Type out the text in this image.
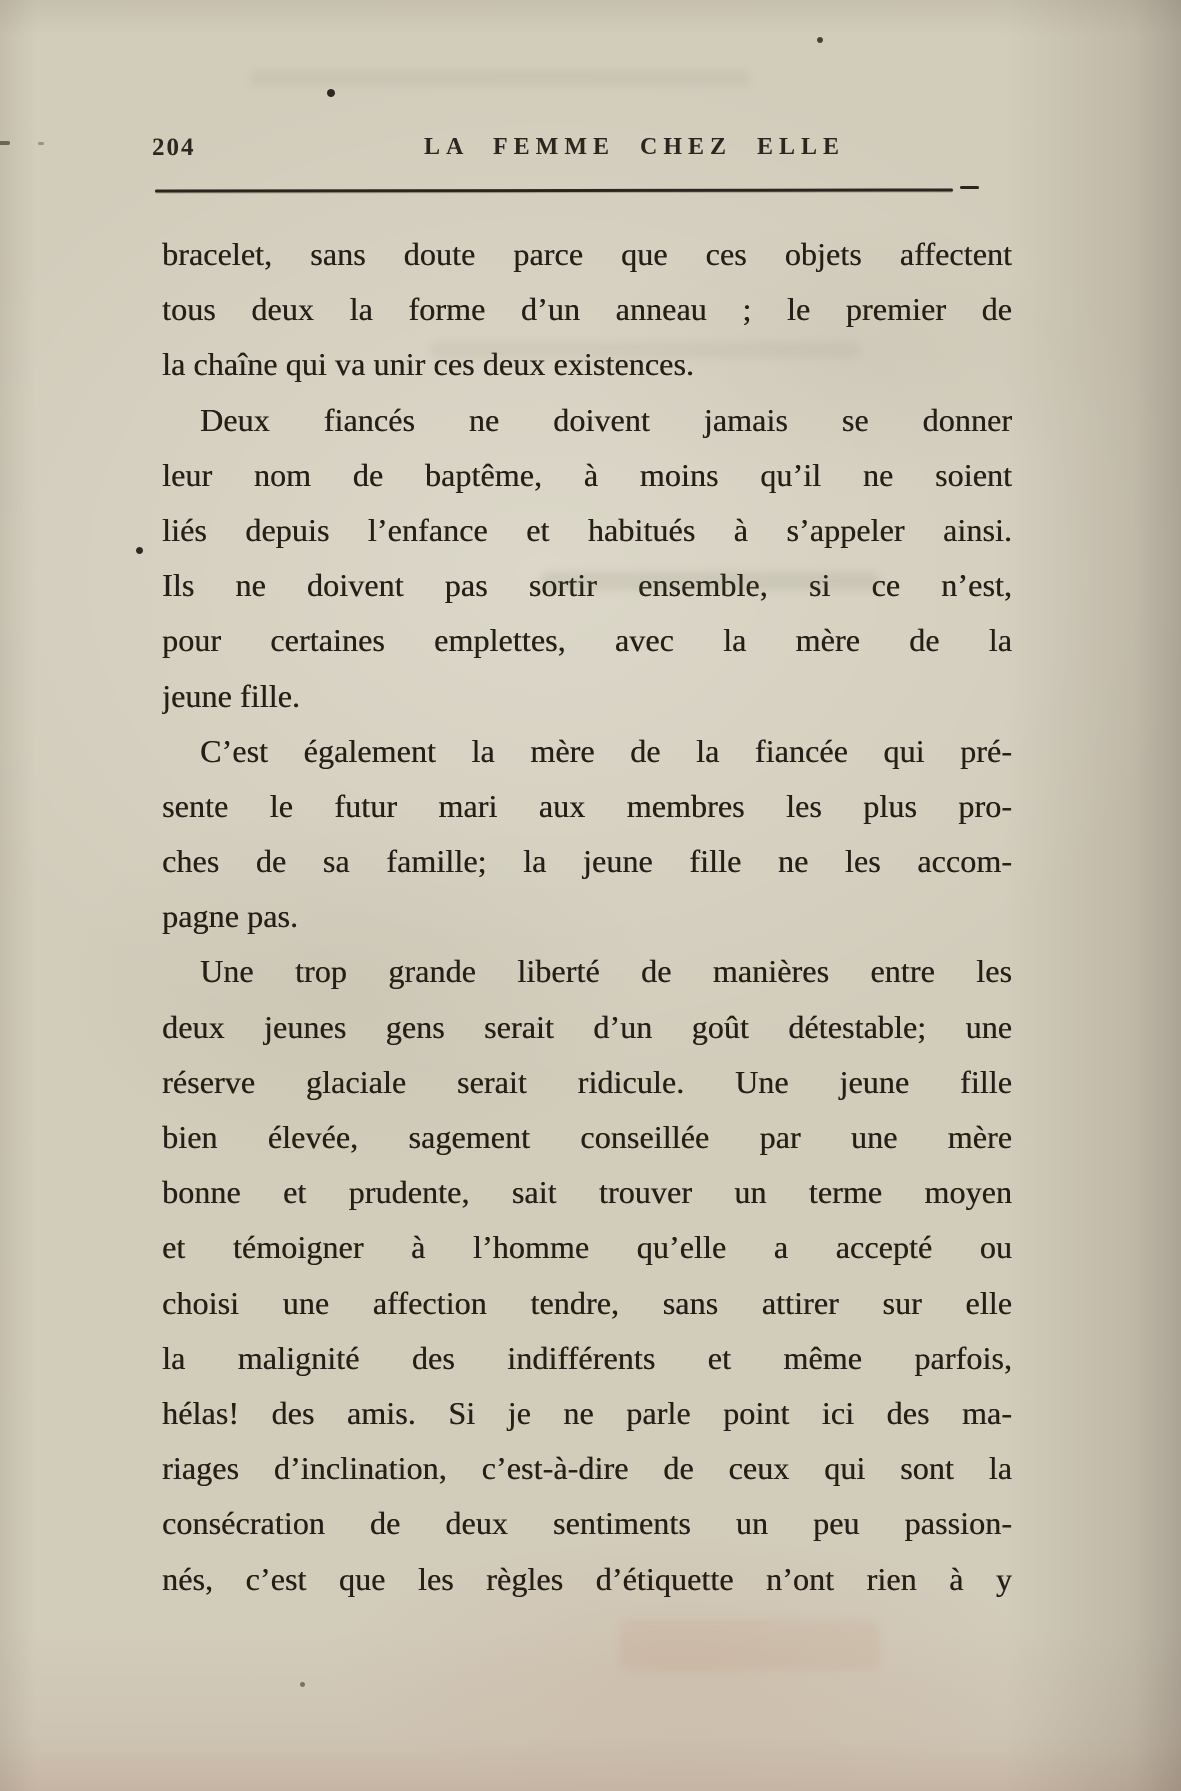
204	LA FEMME CHEZ ELLE
bracelet, sans doute parce que ces objets affectent
tous deux la forme d’un anneau ; le premier de
la chaîne qui va unir ces deux existences.
Deux fiancés ne doivent jamais se donner
leur nom de baptême, à moins qu’il ne soient
liés depuis l’enfance et habitués à s’appeler ainsi.
Ils ne doivent pas sortir ensemble, si ce n’est,
pour certaines emplettes, avec la mère de la
jeune fille.
C’est également la mère de la fiancée qui pré-
sente le futur mari aux membres les plus pro-
ches de sa famille; la jeune fille ne les accom-
pagne pas.
Une trop grande liberté de manières entre les
deux jeunes gens serait d’un goût détestable; une
réserve glaciale serait ridicule. Une jeune fille
bien élevée, sagement conseillée par une mère
bonne et prudente, sait trouver un terme moyen
et témoigner à l’homme qu’elle a accepté ou
choisi une affection tendre, sans attirer sur elle
la malignité des indifférents et même parfois,
hélas! des amis. Si je ne parle point ici des ma-
riages d’inclination, c’est-à-dire de ceux qui sont la
consécration de deux sentiments un peu passion-
nés, c’est que les règles d’étiquette n’ont rien à y
